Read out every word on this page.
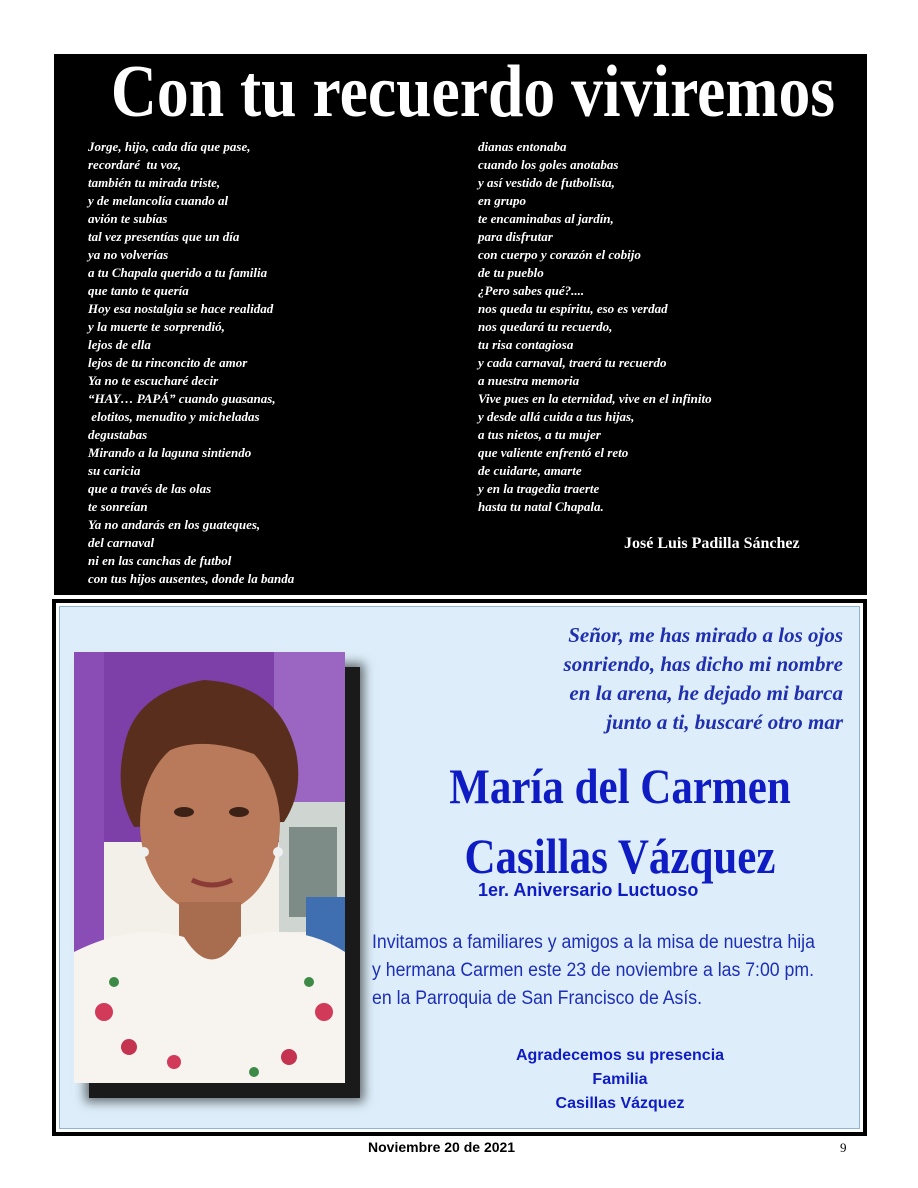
Con tu recuerdo viviremos
Jorge, hijo, cada día que pase,
recordaré  tu voz,
también tu mirada triste,
y de melancolía cuando al
avión te subías
tal vez presentías que un día
ya no volverías
a tu Chapala querido a tu familia
que tanto te quería
Hoy esa nostalgia se hace realidad
y la muerte te sorprendió,
lejos de ella
lejos de tu rinconcito de amor
Ya no te escucharé decir
“HAY… PAPÁ” cuando guasanas,
elotitos, menudito y micheladas
degustabas
Mirando a la laguna sintiendo
su caricia
que a través de las olas
te sonreían
Ya no andarás en los guateques,
del carnaval
ni en las canchas de futbol
con tus hijos ausentes, donde la banda
dianas entonaba
cuando los goles anotabas
y así vestido de futbolista,
en grupo
te encaminabas al jardín,
para disfrutar
con cuerpo y corazón el cobijo
de tu pueblo
¿Pero sabes qué?....
nos queda tu espíritu, eso es verdad
nos quedará tu recuerdo,
tu risa contagiosa
y cada carnaval, traerá tu recuerdo
a nuestra memoria
Vive pues en la eternidad, vive en el infinito
y desde allá cuida a tus hijas,
a tus nietos, a tu mujer
que valiente enfrentó el reto
de cuidarte, amarte
y en la tragedia traerte
hasta tu natal Chapala.
José Luis Padilla Sánchez
Señor, me has mirado a los ojos
sonriendo, has dicho mi nombre
en la arena, he dejado mi barca
junto a ti, buscaré otro mar
María del Carmen
Casillas Vázquez
1er. Aniversario Luctuoso
Invitamos a familiares y amigos a la misa de nuestra hija
y hermana Carmen este 23 de noviembre a las 7:00 pm.
en la Parroquia de San Francisco de Asís.
Agradecemos su presencia
Familia
Casillas Vázquez
Noviembre 20 de 2021	9
